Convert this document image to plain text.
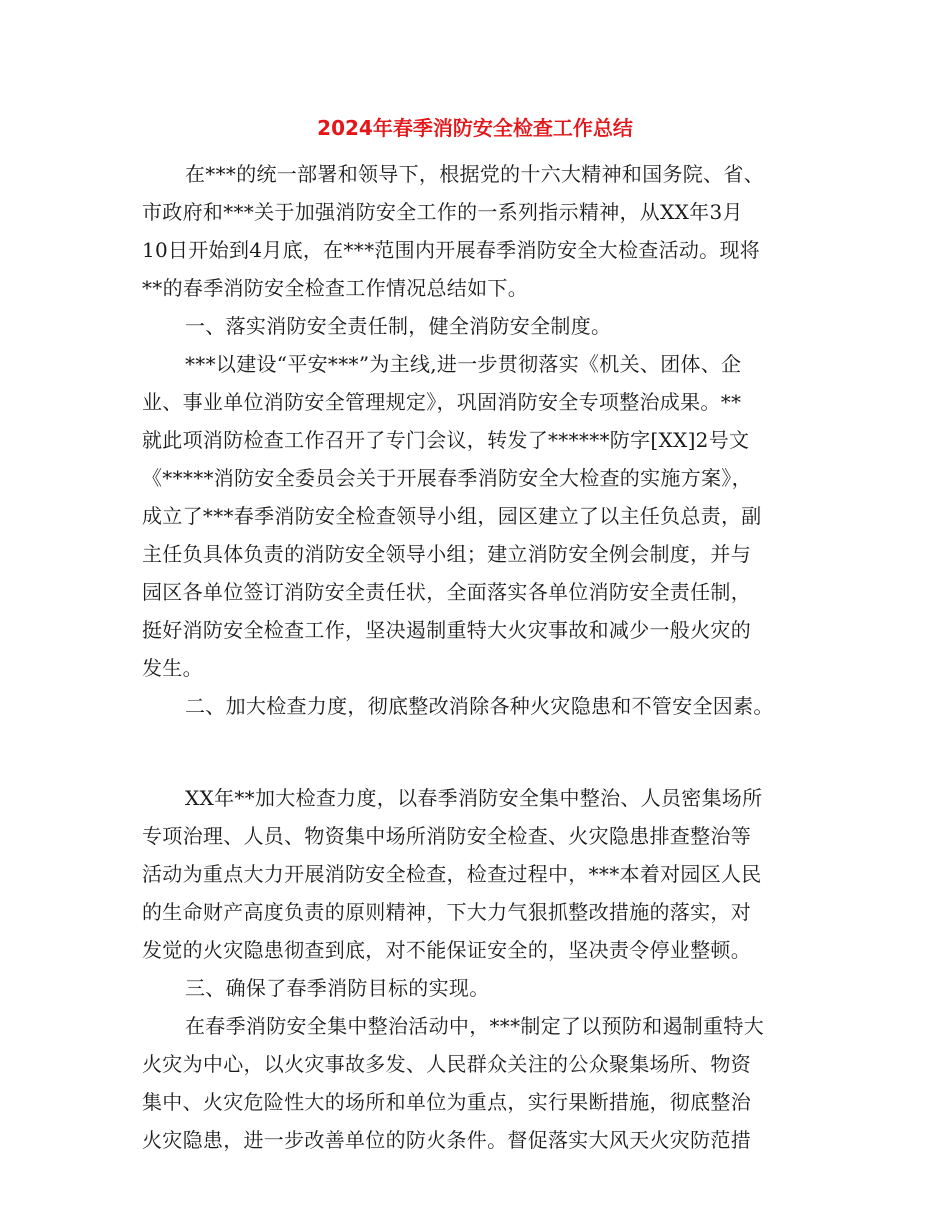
2024年春季消防安全检查工作总结
在***的统一部署和领导下，根据党的十六大精神和国务院、省、
市政府和***关于加强消防安全工作的一系列指示精神，从XX年3月
10日开始到4月底，在***范围内开展春季消防安全大检查活动。现将
**的春季消防安全检查工作情况总结如下。
一、落实消防安全责任制，健全消防安全制度。
***以建设“平安***”为主线,进一步贯彻落实《机关、团体、企
业、事业单位消防安全管理规定》，巩固消防安全专项整治成果。**
就此项消防检查工作召开了专门会议，转发了******防字[XX]2号文
《*****消防安全委员会关于开展春季消防安全大检查的实施方案》，
成立了***春季消防安全检查领导小组，园区建立了以主任负总责，副
主任负具体负责的消防安全领导小组；建立消防安全例会制度，并与
园区各单位签订消防安全责任状，全面落实各单位消防安全责任制，
挺好消防安全检查工作，坚决遏制重特大火灾事故和减少一般火灾的
发生。
二、加大检查力度，彻底整改消除各种火灾隐患和不管安全因素。
XX年**加大检查力度，以春季消防安全集中整治、人员密集场所
专项治理、人员、物资集中场所消防安全检查、火灾隐患排查整治等
活动为重点大力开展消防安全检查，检查过程中，***本着对园区人民
的生命财产高度负责的原则精神，下大力气狠抓整改措施的落实，对
发觉的火灾隐患彻查到底，对不能保证安全的，坚决责令停业整顿。
三、确保了春季消防目标的实现。
在春季消防安全集中整治活动中，***制定了以预防和遏制重特大
火灾为中心，以火灾事故多发、人民群众关注的公众聚集场所、物资
集中、火灾危险性大的场所和单位为重点，实行果断措施，彻底整治
火灾隐患，进一步改善单位的防火条件。督促落实大风天火灾防范措
